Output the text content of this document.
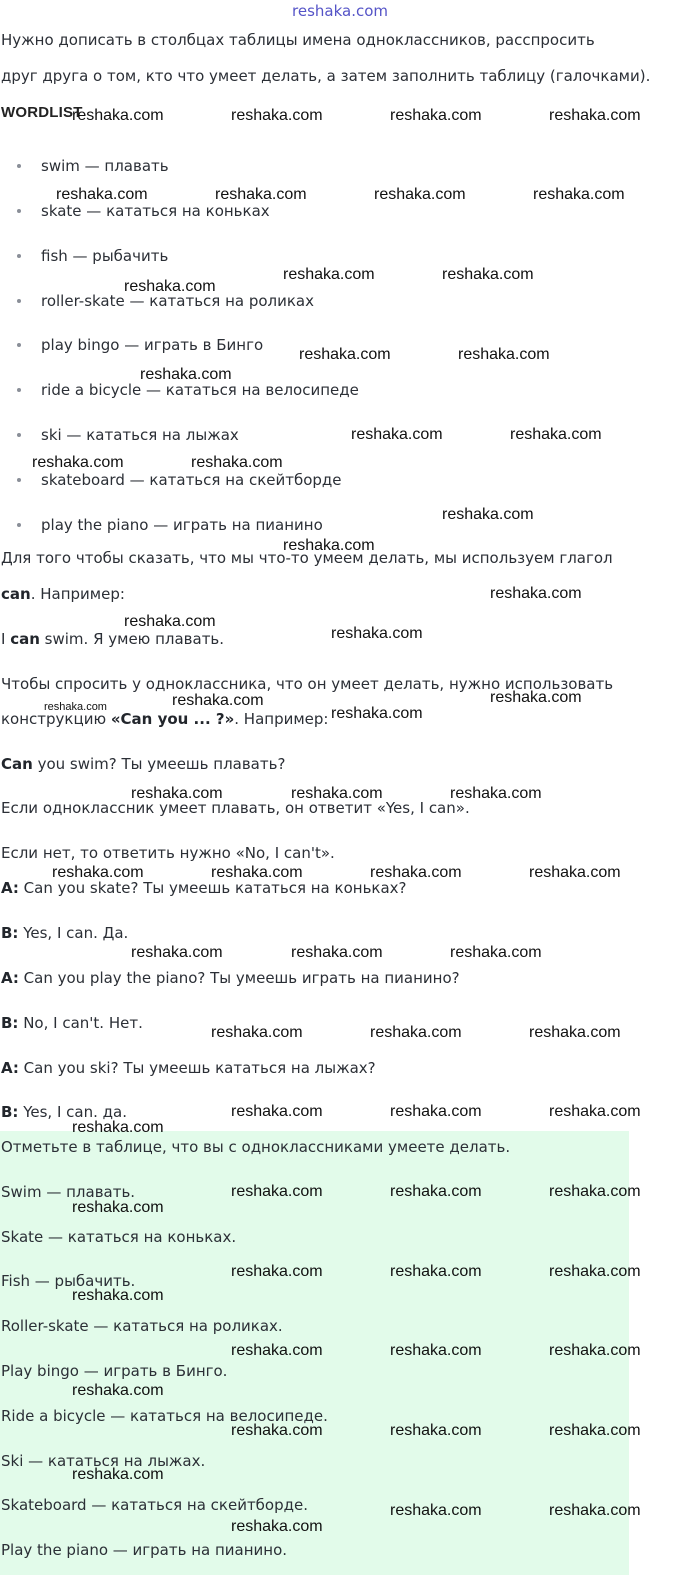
reshaka.com
Нужно дописать в столбцах таблицы имена одноклассников, расспросить
друг друга о том, кто что умеет делать, а затем заполнить таблицу (галочками).
WORDLIST
swim — плавать
skate — кататься на коньках
fish — рыбачить
roller-skate — кататься на роликах
play bingo — играть в Бинго
ride a bicycle — кататься на велосипеде
ski — кататься на лыжах
skateboard — кататься на скейтборде
play the piano — играть на пианино
Для того чтобы сказать, что мы что-то умеем делать, мы используем глагол
can. Например:
I can swim. Я умею плавать.
Чтобы спросить у одноклассника, что он умеет делать, нужно использовать
конструкцию «Can you ... ?». Например:
Can you swim? Ты умеешь плавать?
Если одноклассник умеет плавать, он ответит «Yes, I can».
Если нет, то ответить нужно «No, I can't».
A: Can you skate? Ты умеешь кататься на коньках?
B: Yes, I can. Да.
A: Can you play the piano? Ты умеешь играть на пианино?
B: No, I can't. Нет.
A: Can you ski? Ты умеешь кататься на лыжах?
B: Yes, I can. да.
Отметьте в таблице, что вы с одноклассниками умеете делать.
Swim — плавать.
Skate — кататься на коньках.
Fish — рыбачить.
Roller-skate — кататься на роликах.
Play bingo — играть в Бинго.
Ride a bicycle — кататься на велосипеде.
Ski — кататься на лыжах.
Skateboard — кататься на скейтборде.
Play the piano — играть на пианино.
reshaka.com	reshaka.com	reshaka.com	reshaka.com
reshaka.com	reshaka.com	reshaka.com	reshaka.com
reshaka.com
reshaka.com	reshaka.com
reshaka.com	reshaka.com
reshaka.com
reshaka.com	reshaka.com
reshaka.com	reshaka.com
reshaka.com
reshaka.com
reshaka.com
reshaka.com
reshaka.com
reshaka.com
reshaka.com
reshaka.com
reshaka.com	reshaka.com	reshaka.com
reshaka.com	reshaka.com	reshaka.com	reshaka.com
reshaka.com	reshaka.com	reshaka.com
reshaka.com	reshaka.com	reshaka.com
reshaka.com	reshaka.com	reshaka.com
reshaka.com
reshaka.com	reshaka.com	reshaka.com
reshaka.com
reshaka.com	reshaka.com	reshaka.com
reshaka.com
reshaka.com	reshaka.com	reshaka.com
reshaka.com
reshaka.com	reshaka.com	reshaka.com
reshaka.com
reshaka.com	reshaka.com
reshaka.com
reshaka.com
